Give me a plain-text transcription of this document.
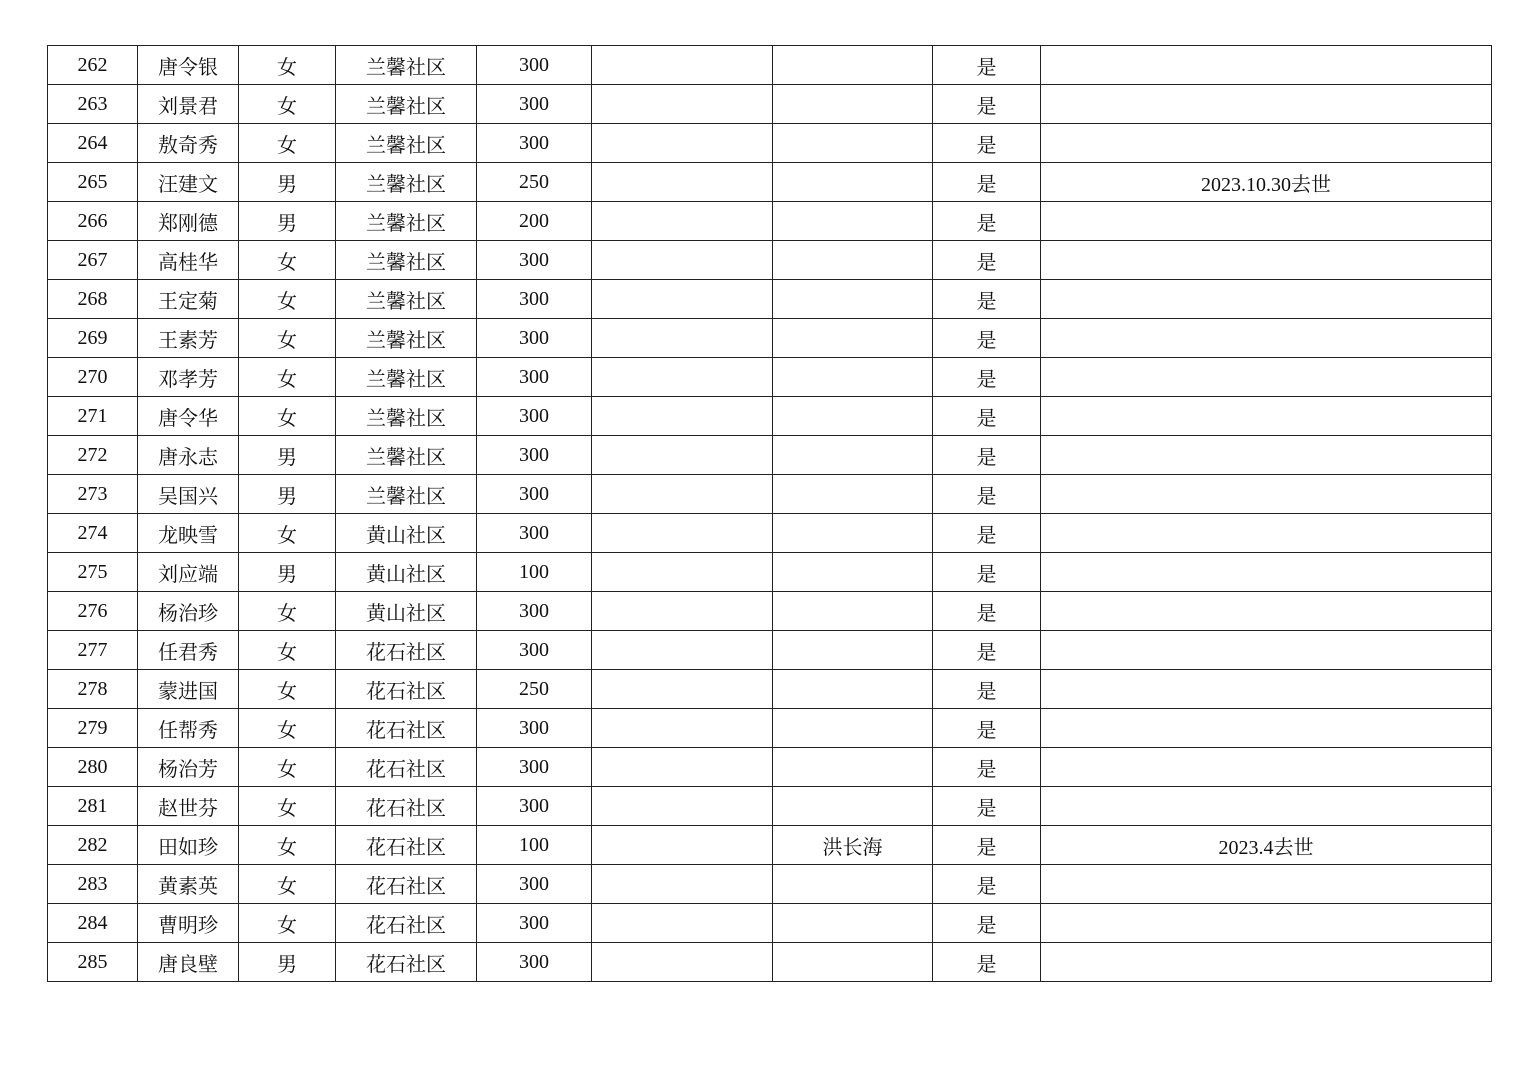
262	唐令银	女	兰馨社区	300			是	
263	刘景君	女	兰馨社区	300			是	
264	敖奇秀	女	兰馨社区	300			是	
265	汪建文	男	兰馨社区	250			是	2023.10.30去世
266	郑刚德	男	兰馨社区	200			是	
267	高桂华	女	兰馨社区	300			是	
268	王定菊	女	兰馨社区	300			是	
269	王素芳	女	兰馨社区	300			是	
270	邓孝芳	女	兰馨社区	300			是	
271	唐令华	女	兰馨社区	300			是	
272	唐永志	男	兰馨社区	300			是	
273	吴国兴	男	兰馨社区	300			是	
274	龙映雪	女	黄山社区	300			是	
275	刘应端	男	黄山社区	100			是	
276	杨治珍	女	黄山社区	300			是	
277	任君秀	女	花石社区	300			是	
278	蒙进国	女	花石社区	250			是	
279	任帮秀	女	花石社区	300			是	
280	杨治芳	女	花石社区	300			是	
281	赵世芬	女	花石社区	300			是	
282	田如珍	女	花石社区	100		洪长海	是	2023.4去世
283	黄素英	女	花石社区	300			是	
284	曹明珍	女	花石社区	300			是	
285	唐良壁	男	花石社区	300			是	
